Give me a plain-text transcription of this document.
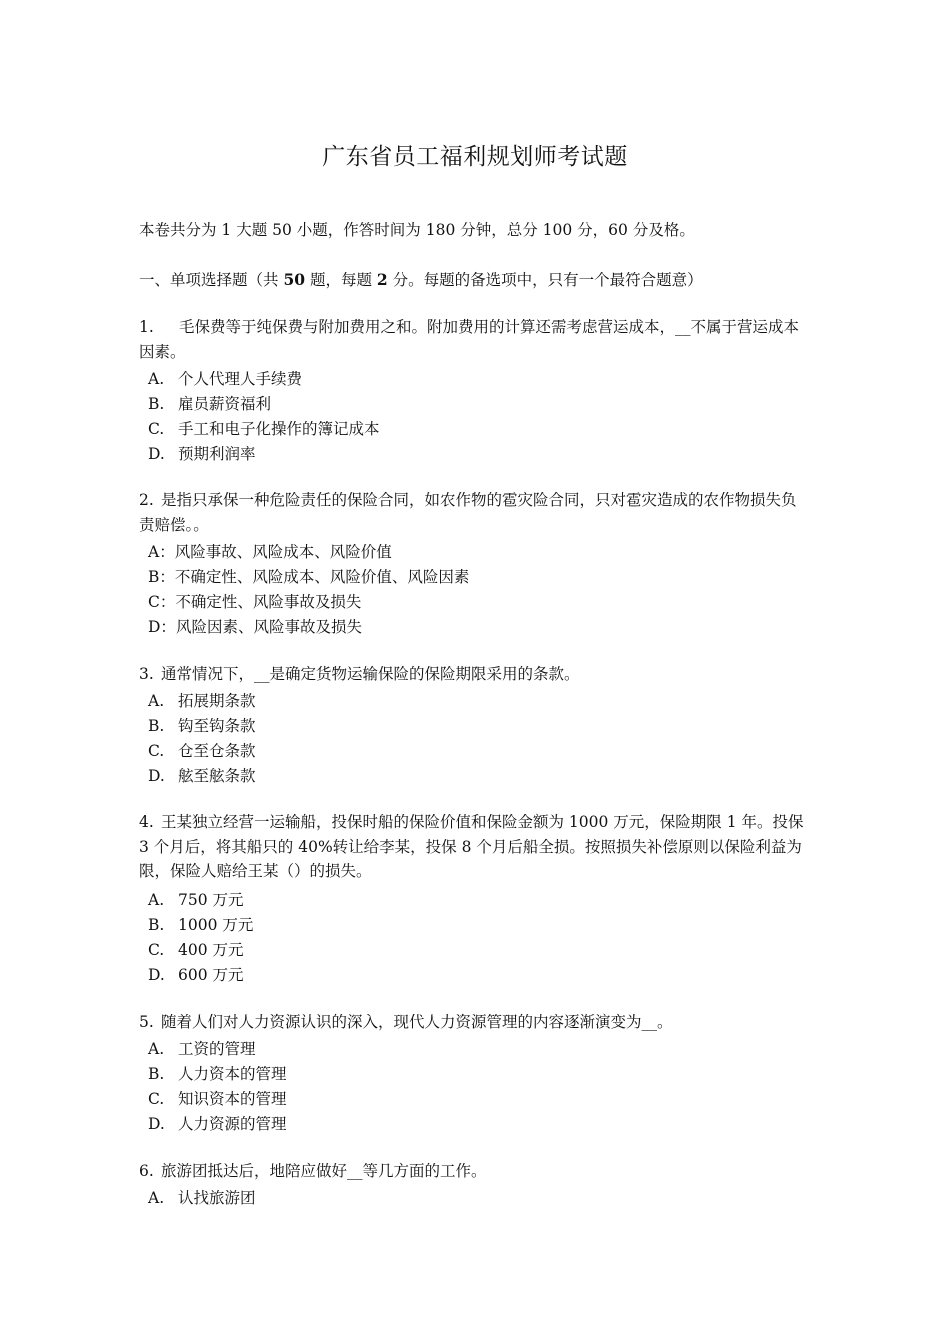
广东省员工福利规划师考试题
本卷共分为 1 大题 50 小题，作答时间为 180 分钟，总分 100 分，60 分及格。
一、单项选择题（共 50 题，每题 2 分。每题的备选项中，只有一个最符合题意）
1. 毛保费等于纯保费与附加费用之和。附加费用的计算还需考虑营运成本，__不属于营运成本因素。
A. 个人代理人手续费
B. 雇员薪资福利
C. 手工和电子化操作的簿记成本
D. 预期利润率
2. 是指只承保一种危险责任的保险合同，如农作物的雹灾险合同，只对雹灾造成的农作物损失负责赔偿。。
A：风险事故、风险成本、风险价值
B：不确定性、风险成本、风险价值、风险因素
C：不确定性、风险事故及损失
D：风险因素、风险事故及损失
3. 通常情况下，__是确定货物运输保险的保险期限采用的条款。
A. 拓展期条款
B. 钩至钩条款
C. 仓至仓条款
D. 舷至舷条款
4. 王某独立经营一运输船，投保时船的保险价值和保险金额为 1000 万元，保险期限 1 年。投保 3 个月后，将其船只的 40%转让给李某，投保 8 个月后船全损。按照损失补偿原则以保险利益为限，保险人赔给王某（）的损失。
A. 750 万元
B. 1000 万元
C. 400 万元
D. 600 万元
5. 随着人们对人力资源认识的深入，现代人力资源管理的内容逐渐演变为__。
A. 工资的管理
B. 人力资本的管理
C. 知识资本的管理
D. 人力资源的管理
6. 旅游团抵达后，地陪应做好__等几方面的工作。
A. 认找旅游团
